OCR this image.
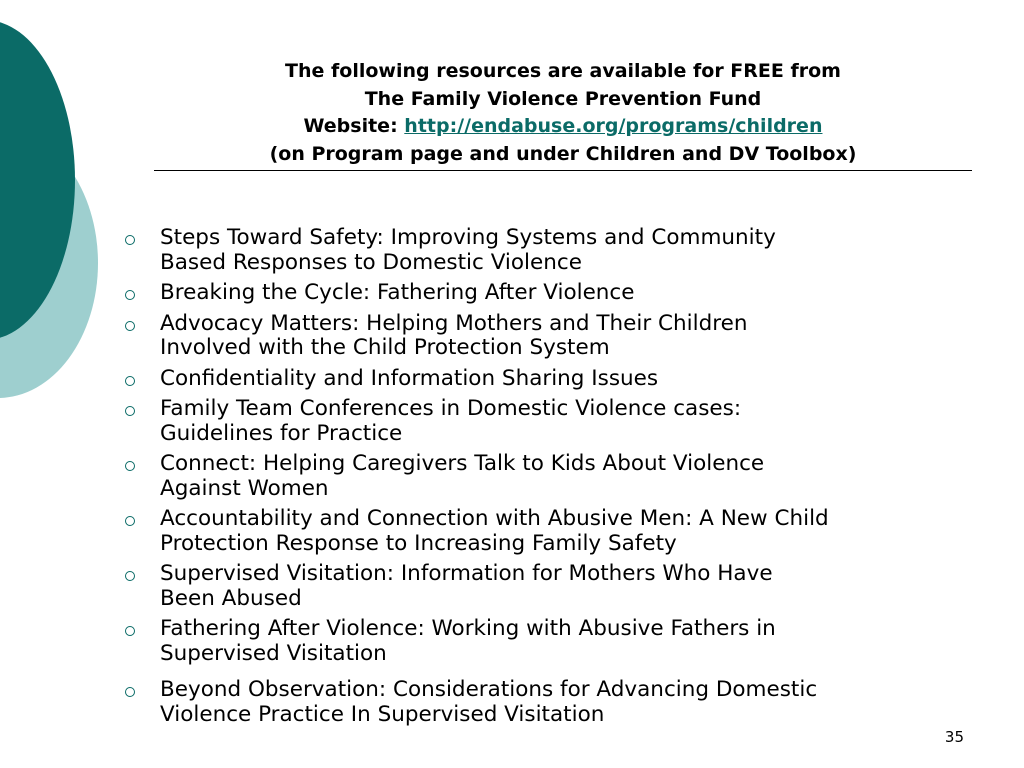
The following resources are available for FREE from
The Family Violence Prevention Fund
Website: http://endabuse.org/programs/children
(on Program page and under Children and DV Toolbox)
Steps Toward Safety: Improving Systems and Community
Based Responses to Domestic Violence
Breaking the Cycle: Fathering After Violence
Advocacy Matters: Helping Mothers and Their Children
Involved with the Child Protection System
Confidentiality and Information Sharing Issues
Family Team Conferences in Domestic Violence cases:
Guidelines for Practice
Connect: Helping Caregivers Talk to Kids About Violence
Against Women
Accountability and Connection with Abusive Men: A New Child
Protection Response to Increasing Family Safety
Supervised Visitation: Information for Mothers Who Have
Been Abused
Fathering After Violence: Working with Abusive Fathers in
Supervised Visitation
Beyond Observation: Considerations for Advancing Domestic
Violence Practice In Supervised Visitation
35
